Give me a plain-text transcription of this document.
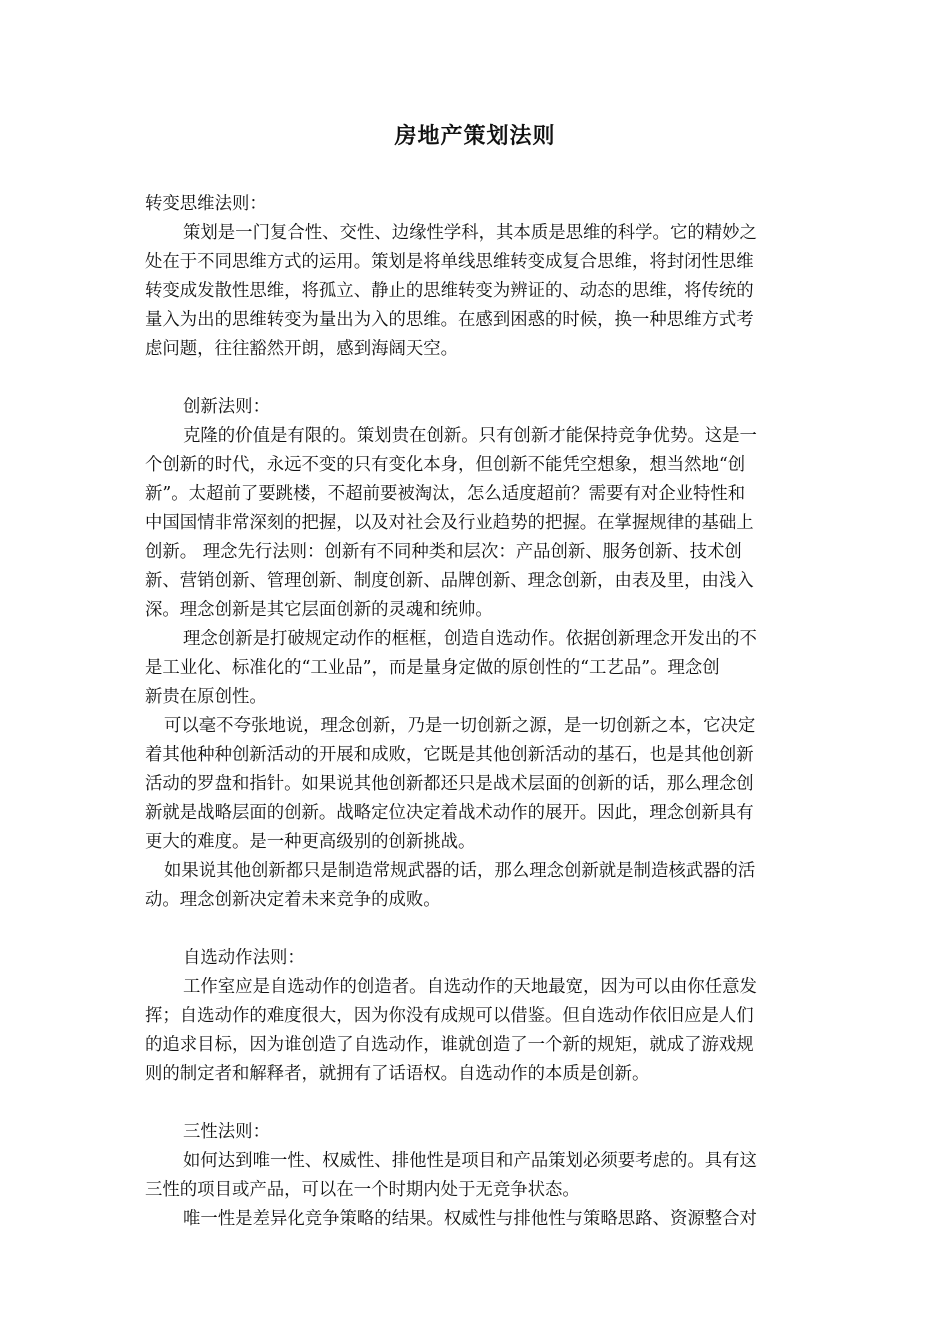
房地产策划法则
转变思维法则：
策划是一门复合性、交性、边缘性学科，其本质是思维的科学。它的精妙之
处在于不同思维方式的运用。策划是将单线思维转变成复合思维，将封闭性思维
转变成发散性思维，将孤立、静止的思维转变为辨证的、动态的思维，将传统的
量入为出的思维转变为量出为入的思维。在感到困惑的时候，换一种思维方式考
虑问题，往往豁然开朗，感到海阔天空。
创新法则：
克隆的价值是有限的。策划贵在创新。只有创新才能保持竞争优势。这是一
个创新的时代，永远不变的只有变化本身，但创新不能凭空想象，想当然地“创
新”。太超前了要跳楼，不超前要被淘汰，怎么适度超前？需要有对企业特性和
中国国情非常深刻的把握，以及对社会及行业趋势的把握。在掌握规律的基础上
创新。 理念先行法则：创新有不同种类和层次：产品创新、服务创新、技术创
新、营销创新、管理创新、制度创新、品牌创新、理念创新，由表及里，由浅入
深。理念创新是其它层面创新的灵魂和统帅。
理念创新是打破规定动作的框框，创造自选动作。依据创新理念开发出的不
是工业化、标准化的“工业品”，而是量身定做的原创性的“工艺品”。理念创
新贵在原创性。
可以毫不夸张地说，理念创新，乃是一切创新之源，是一切创新之本，它决定
着其他种种创新活动的开展和成败，它既是其他创新活动的基石，也是其他创新
活动的罗盘和指针。如果说其他创新都还只是战术层面的创新的话，那么理念创
新就是战略层面的创新。战略定位决定着战术动作的展开。因此，理念创新具有
更大的难度。是一种更高级别的创新挑战。
如果说其他创新都只是制造常规武器的话，那么理念创新就是制造核武器的活
动。理念创新决定着未来竞争的成败。
自选动作法则：
工作室应是自选动作的创造者。自选动作的天地最宽，因为可以由你任意发
挥；自选动作的难度很大，因为你没有成规可以借鉴。但自选动作依旧应是人们
的追求目标，因为谁创造了自选动作，谁就创造了一个新的规矩，就成了游戏规
则的制定者和解释者，就拥有了话语权。自选动作的本质是创新。
三性法则：
如何达到唯一性、权威性、排他性是项目和产品策划必须要考虑的。具有这
三性的项目或产品，可以在一个时期内处于无竞争状态。
唯一性是差异化竞争策略的结果。权威性与排他性与策略思路、资源整合对
